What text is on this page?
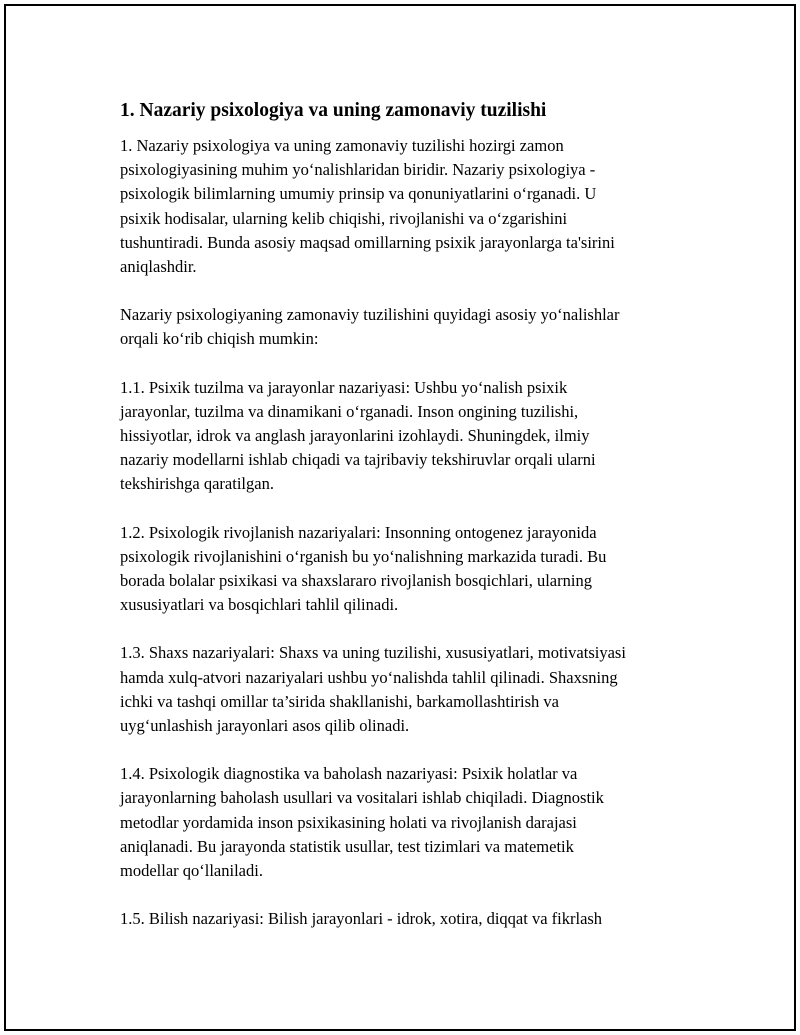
1. Nazariy psixologiya va uning zamonaviy tuzilishi

1. Nazariy psixologiya va uning zamonaviy tuzilishi hozirgi zamon
psixologiyasining muhim yo‘nalishlaridan biridir. Nazariy psixologiya -
psixologik bilimlarning umumiy prinsip va qonuniyatlarini o‘rganadi. U
psixik hodisalar, ularning kelib chiqishi, rivojlanishi va o‘zgarishini
tushuntiradi. Bunda asosiy maqsad omillarning psixik jarayonlarga ta'sirini
aniqlashdir.

Nazariy psixologiyaning zamonaviy tuzilishini quyidagi asosiy yo‘nalishlar
orqali ko‘rib chiqish mumkin:

1.1. Psixik tuzilma va jarayonlar nazariyasi: Ushbu yo‘nalish psixik
jarayonlar, tuzilma va dinamikani o‘rganadi. Inson ongining tuzilishi,
hissiyotlar, idrok va anglash jarayonlarini izohlaydi. Shuningdek, ilmiy
nazariy modellarni ishlab chiqadi va tajribaviy tekshiruvlar orqali ularni
tekshirishga qaratilgan.

1.2. Psixologik rivojlanish nazariyalari: Insonning ontogenez jarayonida
psixologik rivojlanishini o‘rganish bu yo‘nalishning markazida turadi. Bu
borada bolalar psixikasi va shaxslararo rivojlanish bosqichlari, ularning
xususiyatlari va bosqichlari tahlil qilinadi.

1.3. Shaxs nazariyalari: Shaxs va uning tuzilishi, xususiyatlari, motivatsiyasi
hamda xulq-atvori nazariyalari ushbu yo‘nalishda tahlil qilinadi. Shaxsning
ichki va tashqi omillar ta’sirida shakllanishi, barkamollashtirish va
uyg‘unlashish jarayonlari asos qilib olinadi.

1.4. Psixologik diagnostika va baholash nazariyasi: Psixik holatlar va
jarayonlarning baholash usullari va vositalari ishlab chiqiladi. Diagnostik
metodlar yordamida inson psixikasining holati va rivojlanish darajasi
aniqlanadi. Bu jarayonda statistik usullar, test tizimlari va matemetik
modellar qo‘llaniladi.

1.5. Bilish nazariyasi: Bilish jarayonlari - idrok, xotira, diqqat va fikrlash
